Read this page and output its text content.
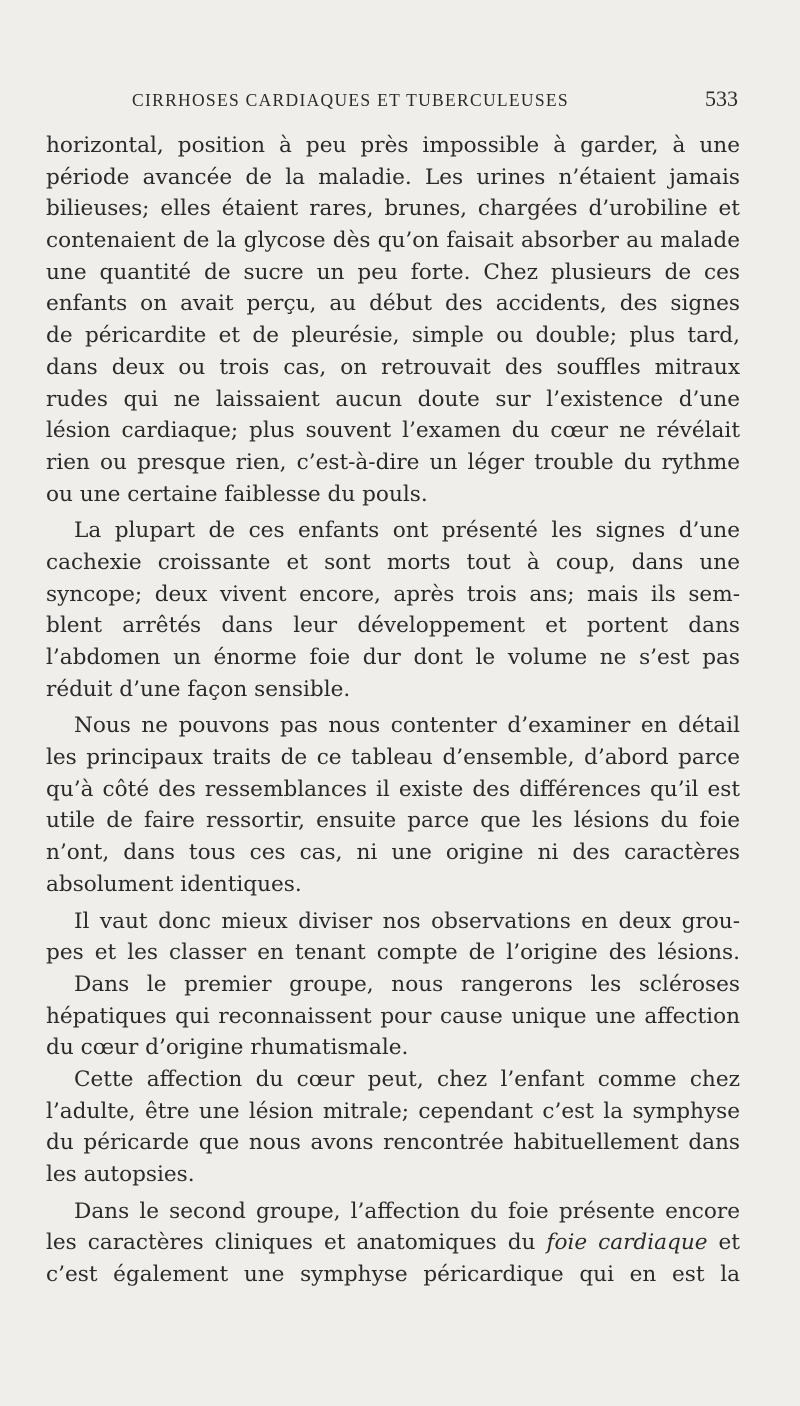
CIRRHOSES CARDIAQUES ET TUBERCULEUSES	533
horizontal, position à peu près impossible à garder, à une
période avancée de la maladie. Les urines n’étaient jamais
bilieuses; elles étaient rares, brunes, chargées d’urobiline et
contenaient de la glycose dès qu’on faisait absorber au malade
une quantité de sucre un peu forte. Chez plusieurs de ces
enfants on avait perçu, au début des accidents, des signes
de péricardite et de pleurésie, simple ou double; plus tard,
dans deux ou trois cas, on retrouvait des souffles mitraux
rudes qui ne laissaient aucun doute sur l’existence d’une
lésion cardiaque; plus souvent l’examen du cœur ne révélait
rien ou presque rien, c’est-à-dire un léger trouble du rythme
ou une certaine faiblesse du pouls.
La plupart de ces enfants ont présenté les signes d’une
cachexie croissante et sont morts tout à coup, dans une
syncope; deux vivent encore, après trois ans; mais ils sem-
blent arrêtés dans leur développement et portent dans
l’abdomen un énorme foie dur dont le volume ne s’est pas
réduit d’une façon sensible.
Nous ne pouvons pas nous contenter d’examiner en détail
les principaux traits de ce tableau d’ensemble, d’abord parce
qu’à côté des ressemblances il existe des différences qu’il est
utile de faire ressortir, ensuite parce que les lésions du foie
n’ont, dans tous ces cas, ni une origine ni des caractères
absolument identiques.
Il vaut donc mieux diviser nos observations en deux grou-
pes et les classer en tenant compte de l’origine des lésions.
Dans le premier groupe, nous rangerons les scléroses
hépatiques qui reconnaissent pour cause unique une affection
du cœur d’origine rhumatismale.
Cette affection du cœur peut, chez l’enfant comme chez
l’adulte, être une lésion mitrale; cependant c’est la symphyse
du péricarde que nous avons rencontrée habituellement dans
les autopsies.
Dans le second groupe, l’affection du foie présente encore
les caractères cliniques et anatomiques du foie cardiaque et
c’est également une symphyse péricardique qui en est la
